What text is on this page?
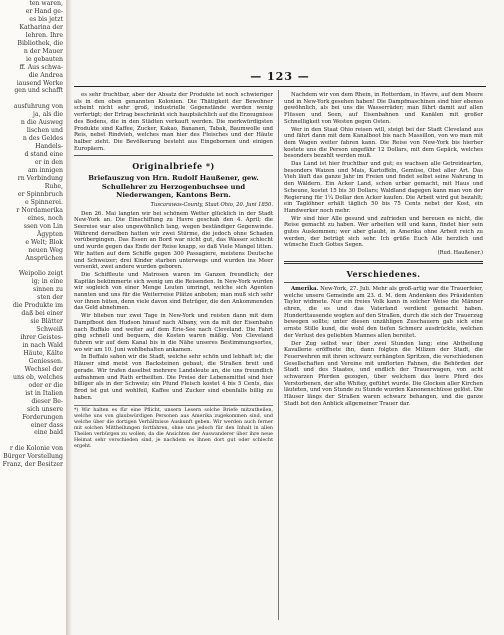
ten waren,
er Hand ge-
es bis jetzt
Katharina der
lehren. Ihre
Bibliothek, die
n der Mauer
ie gebauten
ff. Aus schwa-
die Andrea
iausend Werke
gen und schafft

ausfuhrung von
ja, als die
n die Ausweg
lischen und
n des Geldes
Handels-
d stand eine
er in den
am innigen
rn Verbindung
Ruhe,
er Spinnbruch
e Spinnerei.
r Nordamerika
eines, noch
ssen von Lin
Ägypten
e Welt; Blok
neuen Weg
Ansprüchen

Weipolio zeigt
ig; in eine
sinnen zu
sten der
die Produkte im
daß bei einer
sie Blätter
Schweiß
ihrer Geistes-
in nach Wald
Häute, Kälte
Geniessen.
Wechsel der
uns ob, welches
oder er die
ist in Italien
dieser Be-
sich unsere
Forderungen
einer dass
eine bald

r die Kolonie von
Bürger Vorstellung
Franz, der Besitzer
— 123 —

es sehr fruchtbar, aber der Absatz der Produkte ist noch schwieriger als in den oben genannten Kolonien. Die Thätigkeit der Bewohner scheint nicht sehr groß, industrielle Gegenstände werden wenig verfertigt; der Ertrag beschränkt sich hauptsächlich auf die Erzeugnisse des Bodens, die in den Städten verkauft werden. Die merkwürdigsten Produkte sind Kaffee, Zucker, Kakao, Bananen, Tabak, Baumwolle und Reis, nebst Rindvieh, welches man hier des Fleisches und der Häute halber zieht. Die Bevölkerung besteht aus Eingebornen und einigen Europäern.

Originalbriefe *)
Briefauszug von Hrn. Rudolf Haußener, gew. Schullehrer zu Herzogenbuchsee und Niederwangen, Kantons Bern.
Tuscarawas-County, Staat Ohio, 20. Juni 1850.

Den 26. Mai langten wir bei schönem Wetter glücklich in der Stadt New-York an. Die Einschiffung zu Havre geschah den 4. April; die Seereise war also ungewöhnlich lang, wegen beständiger Gegenwinde. Während derselben hatten wir zwei Stürme, die jedoch ohne Schaden vorübergingen. Das Essen an Bord war nicht gut, das Wasser schlecht und wurde gegen das Ende der Reise knapp, so daß Viele Mangel litten. Wir hatten auf dem Schiffe gegen 300 Passagiere, meistens Deutsche und Schweizer; drei Kinder starben unterwegs und wurden ins Meer versenkt, zwei andere wurden geboren.

Die Schiffleute und Matrosen waren im Ganzen freundlich; der Kapitän bekümmerte sich wenig um die Reisenden. In New-York wurden wir sogleich von einer Menge Leuten umringt, welche sich Agenten nannten und uns für die Weiterreise Plätze anboten; man muß sich sehr vor ihnen hüten, denn viele davon sind Betrüger, die den Ankommenden das Geld abnehmen.

Wir blieben nur zwei Tage in New-York und reisten dann mit dem Dampfboot den Hudson hinauf nach Albany, von da mit der Eisenbahn nach Buffalo und weiter auf dem Erie-See nach Cleveland. Die Fahrt ging schnell und bequem, die Kosten waren mäßig. Von Cleveland fuhren wir auf dem Kanal bis in die Nähe unseres Bestimmungsortes, wo wir am 10. Juni wohlbehalten ankamen.

In Buffalo sahen wir die Stadt, welche sehr schön und lebhaft ist; die Häuser sind meist von Backsteinen gebaut, die Straßen breit und gerade. Wir trafen daselbst mehrere Landsleute an, die uns freundlich aufnahmen und Rath ertheilten. Die Preise der Lebensmittel sind hier billiger als in der Schweiz; ein Pfund Fleisch kostet 4 bis 5 Cents, das Brod ist gut und wohlfeil, Kaffee und Zucker sind ebenfalls billig zu haben.

*) Wir halten es für eine Pflicht, unsern Lesern solche Briefe mitzutheilen, welche uns von glaubwürdigen Personen aus Amerika zugekommen sind, und welche über die dortigen Verhältnisse Auskunft geben. Wir werden auch ferner mit solchen Mittheilungen fortfahren, ohne uns jedoch für den Inhalt in allen Theilen verbürgen zu wollen, da die Ansichten der Auswanderer über ihre neue Heimat sehr verschieden sind, je nachdem es ihnen dort gut oder schlecht ergeht.

Nachdem wir von dem Rhein, in Rotterdam, in Havre, auf dem Meere und in New-York gesehen haben! Die Dampfmaschinen sind hier ebenso gewöhnlich, als bei uns die Wasserräder; man fährt damit auf allen Flüssen und Seen, auf Eisenbahnen und Kanälen mit großer Schnelligkeit von Westen gegen Osten.

Wer in den Staat Ohio reisen will, steigt bei der Stadt Cleveland aus und fährt dann mit dem Kanalboot bis nach Massillon, von wo man mit dem Wagen weiter fahren kann. Die Reise von New-York bis hierher kostete uns die Person ungefähr 12 Dollars, mit dem Gepäck, welches besonders bezahlt werden muß.

Das Land ist hier fruchtbar und gut; es wachsen alle Getreidearten, besonders Waizen und Mais, Kartoffeln, Gemüse, Obst aller Art. Das Vieh läuft das ganze Jahr im Freien und findet selbst seine Nahrung in den Wäldern. Ein Acker Land, schon urbar gemacht, mit Haus und Scheune, kostet 15 bis 30 Dollars; Waldland dagegen kann man von der Regierung für 1¼ Dollar den Acker kaufen. Die Arbeit wird gut bezahlt; ein Taglöhner erhält täglich 50 bis 75 Cents nebst der Kost, ein Handwerker noch mehr.

Wir sind hier Alle gesund und zufrieden und bereuen es nicht, die Reise gemacht zu haben. Wer arbeiten will und kann, findet hier sein gutes Auskommen; wer aber glaubt, in Amerika ohne Arbeit reich zu werden, der betrügt sich sehr. Ich grüße Euch Alle herzlich und wünsche Euch Gottes Segen.

(Rud. Haußener.)
Verschiedenes.

Amerika. New-York, 27. Juli. Mehr als groß-artig war die Trauerfeier, welche unsere Gemeinde am 23. d. M. dem Andenken des Präsidenten Taylor widmete. Nur ein freies Volk kann in solcher Weise die Männer ehren, die es und das Vaterland verdient gemacht haben. Hunderttausende wogten auf den Straßen, durch die sich der Trauerzug bewegen sollte; unter diesen unzähligen Zuschauern gab sich eine ernste Stille kund, die wohl den tiefen Schmerz ausdrückte, welchen der Verlust des geliebten Mannes allen bereitet.

Der Zug selbst war über zwei Stunden lang; eine Abtheilung Kavallerie eröffnete ihn, dann folgten die Milizen der Stadt, die Feuerwehren mit ihren schwarz verhängten Spritzen, die verschiedenen Gesellschaften und Vereine mit umflorten Fahnen, die Behörden der Stadt und des Staates, und endlich der Trauerwagen, von acht schwarzen Pferden gezogen, über welchem das leere Pferd des Verstorbenen, der alte Whitey, geführt wurde. Die Glocken aller Kirchen läuteten, und von Stunde zu Stunde wurden Kanonenschüsse gelöst. Die Häuser längs der Straßen waren schwarz behangen, und die ganze Stadt bot den Anblick allgemeiner Trauer dar.
